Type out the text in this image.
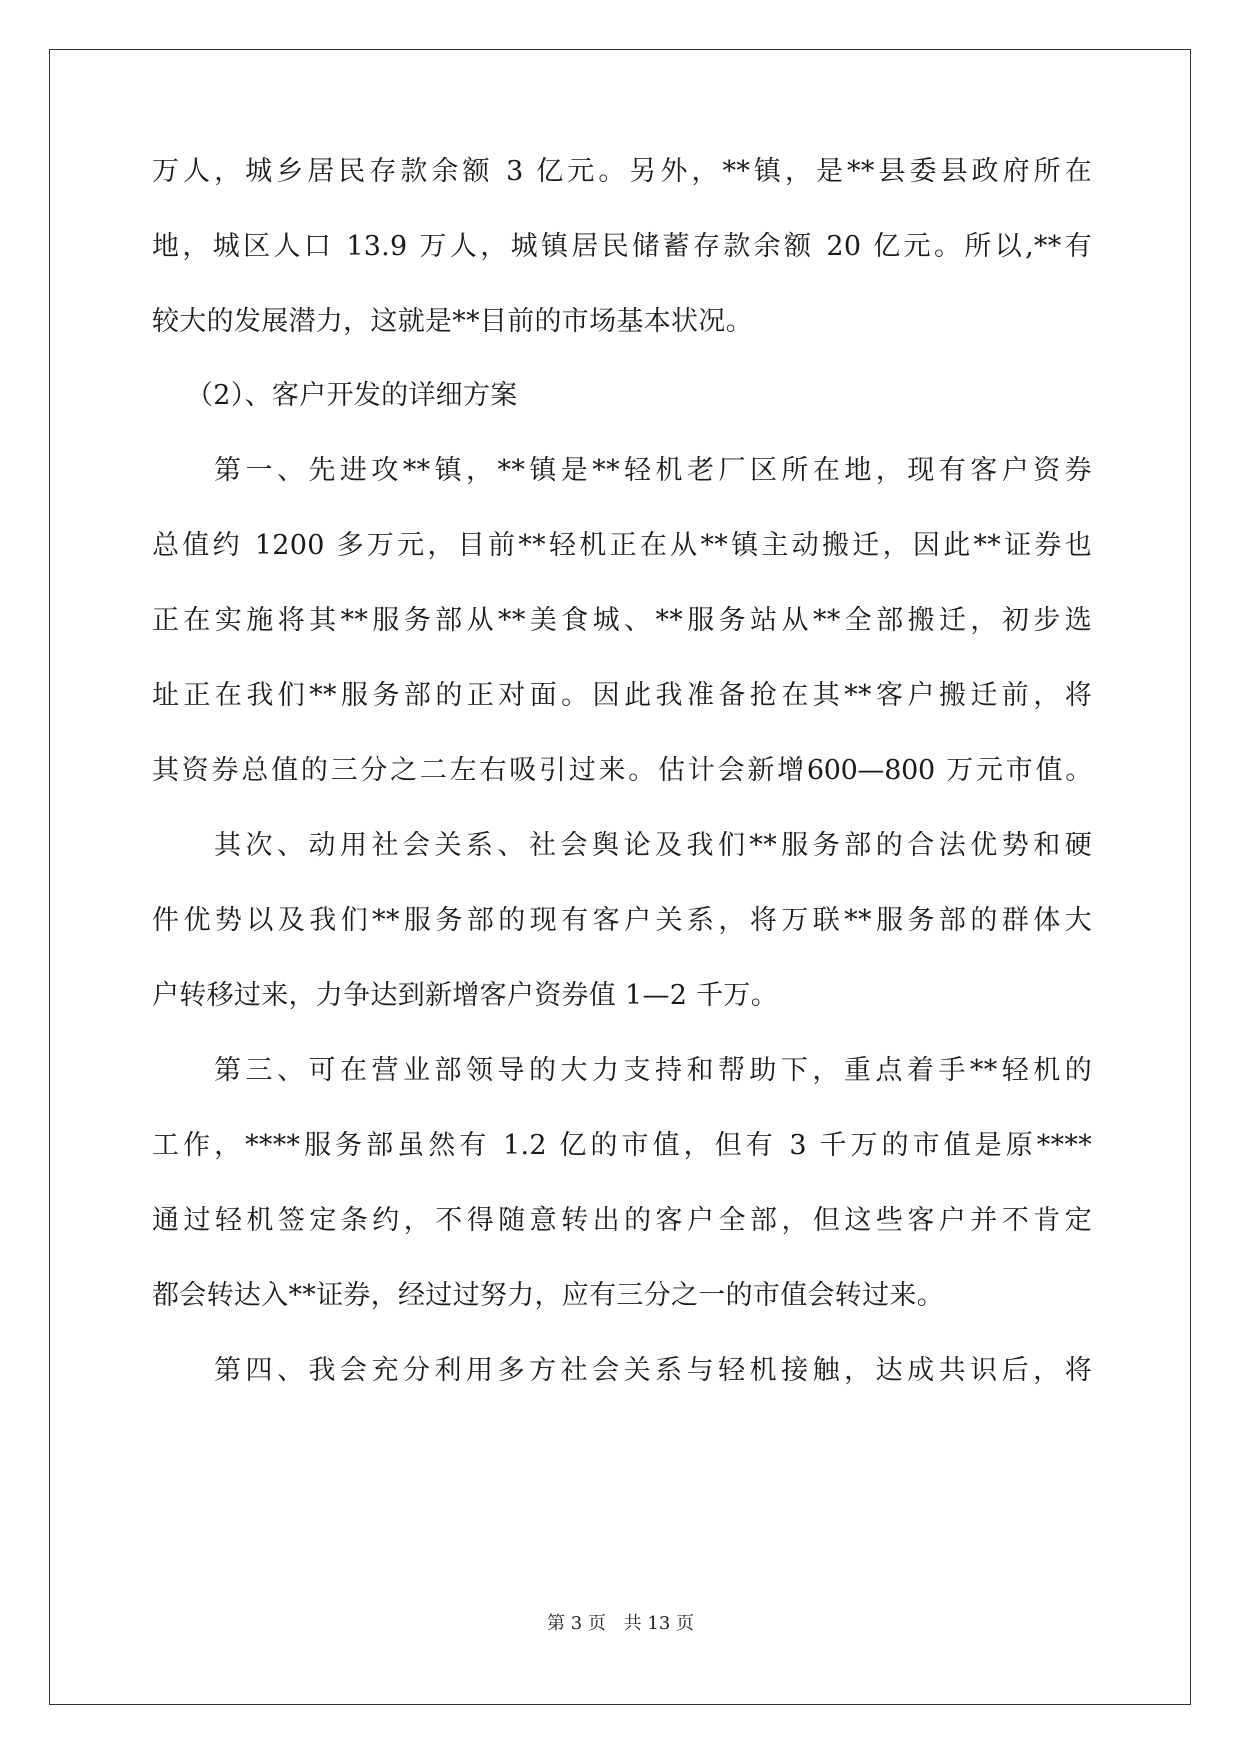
万人，城乡居民存款余额 3 亿元。另外，**镇，是**县委县政府所在
地，城区人口 13.9 万人，城镇居民储蓄存款余额 20 亿元。所以,**有
较大的发展潜力，这就是**目前的市场基本状况。
（2）、客户开发的详细方案
第一、先进攻**镇，**镇是**轻机老厂区所在地，现有客户资券
总值约 1200 多万元，目前**轻机正在从**镇主动搬迁，因此**证券也
正在实施将其**服务部从**美食城、**服务站从**全部搬迁，初步选
址正在我们**服务部的正对面。因此我准备抢在其**客户搬迁前，将
其资券总值的三分之二左右吸引过来。估计会新增600—800 万元市值。
其次、动用社会关系、社会舆论及我们**服务部的合法优势和硬
件优势以及我们**服务部的现有客户关系，将万联**服务部的群体大
户转移过来，力争达到新增客户资券值 1—2 千万。
第三、可在营业部领导的大力支持和帮助下，重点着手**轻机的
工作，****服务部虽然有 1.2 亿的市值，但有 3 千万的市值是原****
通过轻机签定条约，不得随意转出的客户全部，但这些客户并不肯定
都会转达入**证券，经过过努力，应有三分之一的市值会转过来。
第四、我会充分利用多方社会关系与轻机接触，达成共识后，将
第 3 页 共 13 页
